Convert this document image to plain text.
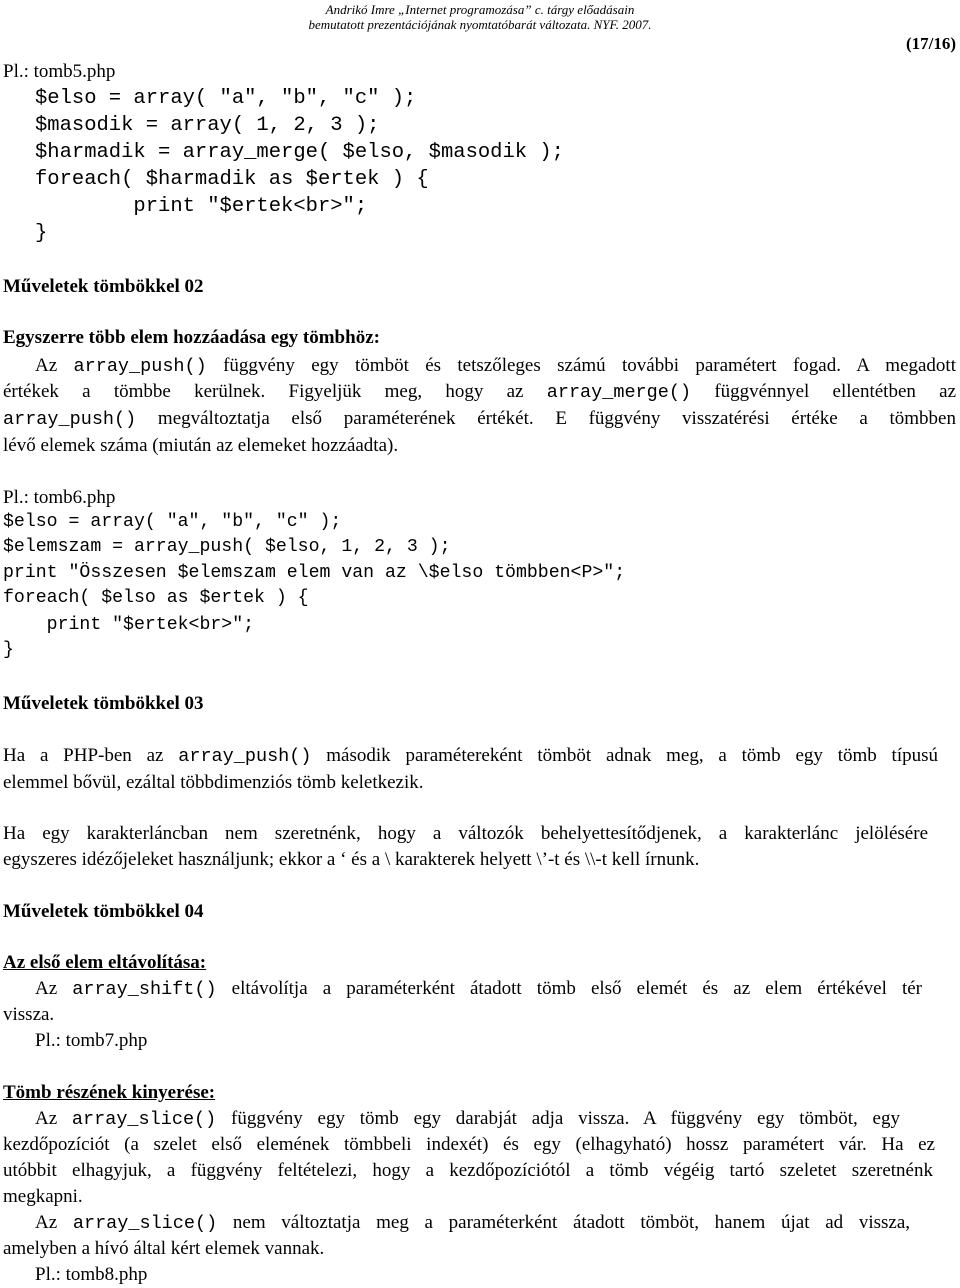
Andrikó Imre „Internet programozása” c. tárgy előadásain
bemutatott prezentációjának nyomtatóbarát változata. NYF. 2007.
(17/16)
Pl.: tomb5.php
$elso = array( "a", "b", "c" );
$masodik = array( 1, 2, 3 );
$harmadik = array_merge( $elso, $masodik );
foreach( $harmadik as $ertek ) {
print "$ertek<br>";
}
Műveletek tömbökkel 02
Egyszerre több elem hozzáadása egy tömbhöz:
Az array_push() függvény egy tömböt és tetszőleges számú további paramétert fogad. A megadott
értékek a tömbbe kerülnek. Figyeljük meg, hogy az array_merge() függvénnyel ellentétben az
array_push() megváltoztatja első paraméterének értékét. E függvény visszatérési értéke a tömbben
lévő elemek száma (miután az elemeket hozzáadta).
Pl.: tomb6.php
$elso = array( "a", "b", "c" );
$elemszam = array_push( $elso, 1, 2, 3 );
print "Összesen $elemszam elem van az \$elso tömbben<P>";
foreach( $elso as $ertek ) {
print "$ertek<br>";
}
Műveletek tömbökkel 03
Ha a PHP-ben az array_push() második paramétereként tömböt adnak meg, a tömb egy tömb típusú
elemmel bővül, ezáltal többdimenziós tömb keletkezik.
Ha egy karakterláncban nem szeretnénk, hogy a változók behelyettesítődjenek, a karakterlánc jelölésére
egyszeres idézőjeleket használjunk; ekkor a ‘ és a \ karakterek helyett \’-t és \\-t kell írnunk.
Műveletek tömbökkel 04
Az első elem eltávolítása:
Az array_shift() eltávolítja a paraméterként átadott tömb első elemét és az elem értékével tér
vissza.
Pl.: tomb7.php
Tömb részének kinyerése:
Az array_slice() függvény egy tömb egy darabját adja vissza. A függvény egy tömböt, egy
kezdőpozíciót (a szelet első elemének tömbbeli indexét) és egy (elhagyható) hossz paramétert vár. Ha ez
utóbbit elhagyjuk, a függvény feltételezi, hogy a kezdőpozíciótól a tömb végéig tartó szeletet szeretnénk
megkapni.
Az array_slice() nem változtatja meg a paraméterként átadott tömböt, hanem újat ad vissza,
amelyben a hívó által kért elemek vannak.
Pl.: tomb8.php
